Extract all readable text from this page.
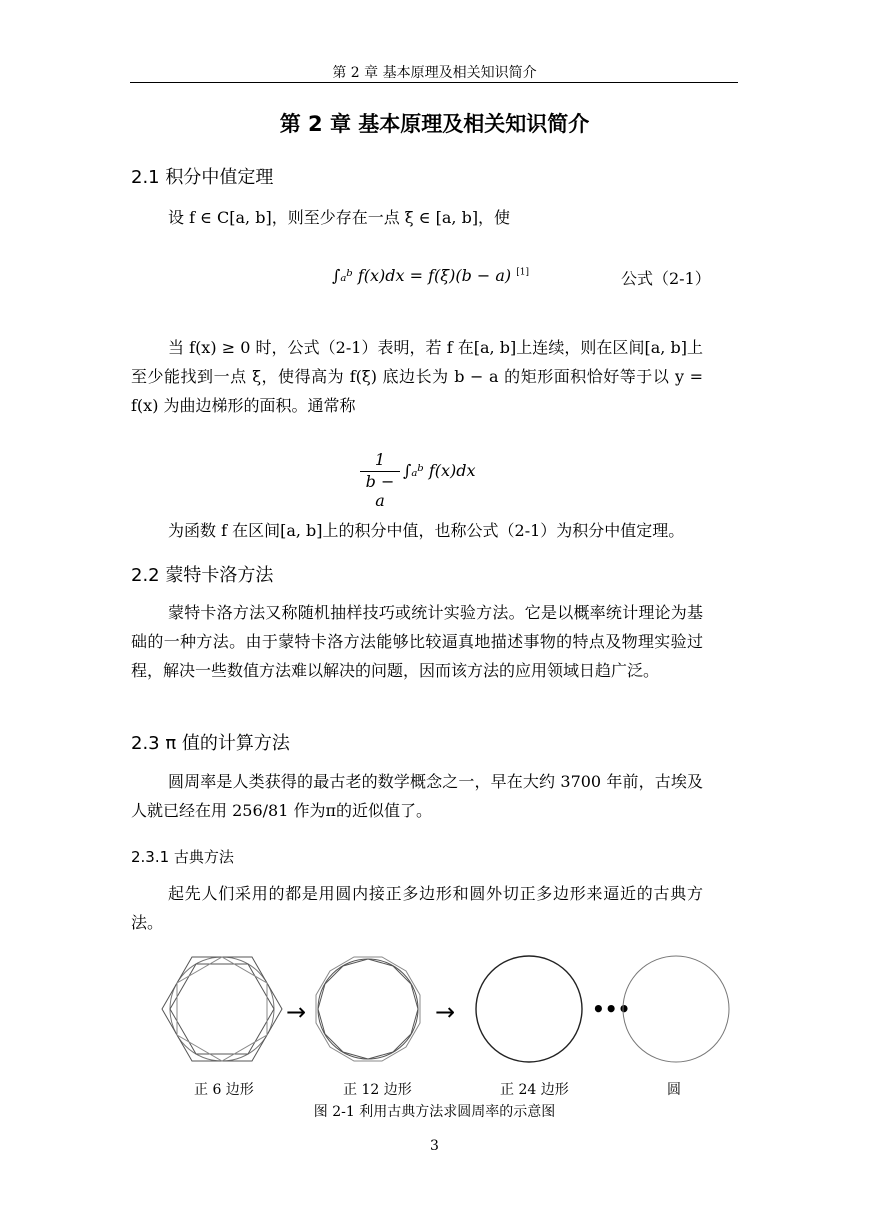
第 2 章 基本原理及相关知识简介
第 2 章 基本原理及相关知识简介
2.1 积分中值定理
设 f ∈ C[a, b]，则至少存在一点 ξ ∈ [a, b]，使
∫ₐᵇ f(x)dx = f(ξ)(b − a) [1]	公式（2-1）
当 f(x) ≥ 0 时，公式（2-1）表明，若 f 在[a, b]上连续，则在区间[a, b]上至少能找到一点 ξ，使得高为 f(ξ) 底边长为 b − a 的矩形面积恰好等于以 y = f(x) 为曲边梯形的面积。通常称
$\frac{1}{b - a}$ ∫ₐᵇ f(x)dx
为函数 f 在区间[a, b]上的积分中值，也称公式（2-1）为积分中值定理。
2.2 蒙特卡洛方法
蒙特卡洛方法又称随机抽样技巧或统计实验方法。它是以概率统计理论为基础的一种方法。由于蒙特卡洛方法能够比较逼真地描述事物的特点及物理实验过程，解决一些数值方法难以解决的问题，因而该方法的应用领域日趋广泛。
2.3 π 值的计算方法
圆周率是人类获得的最古老的数学概念之一，早在大约 3700 年前，古埃及人就已经在用 256/81 作为π的近似值了。
2.3.1 古典方法
起先人们采用的都是用圆内接正多边形和圆外切正多边形来逼近的古典方法。
→	→	•••
正 6 边形	正 12 边形	正 24 边形	圆
图 2-1 利用古典方法求圆周率的示意图
3
